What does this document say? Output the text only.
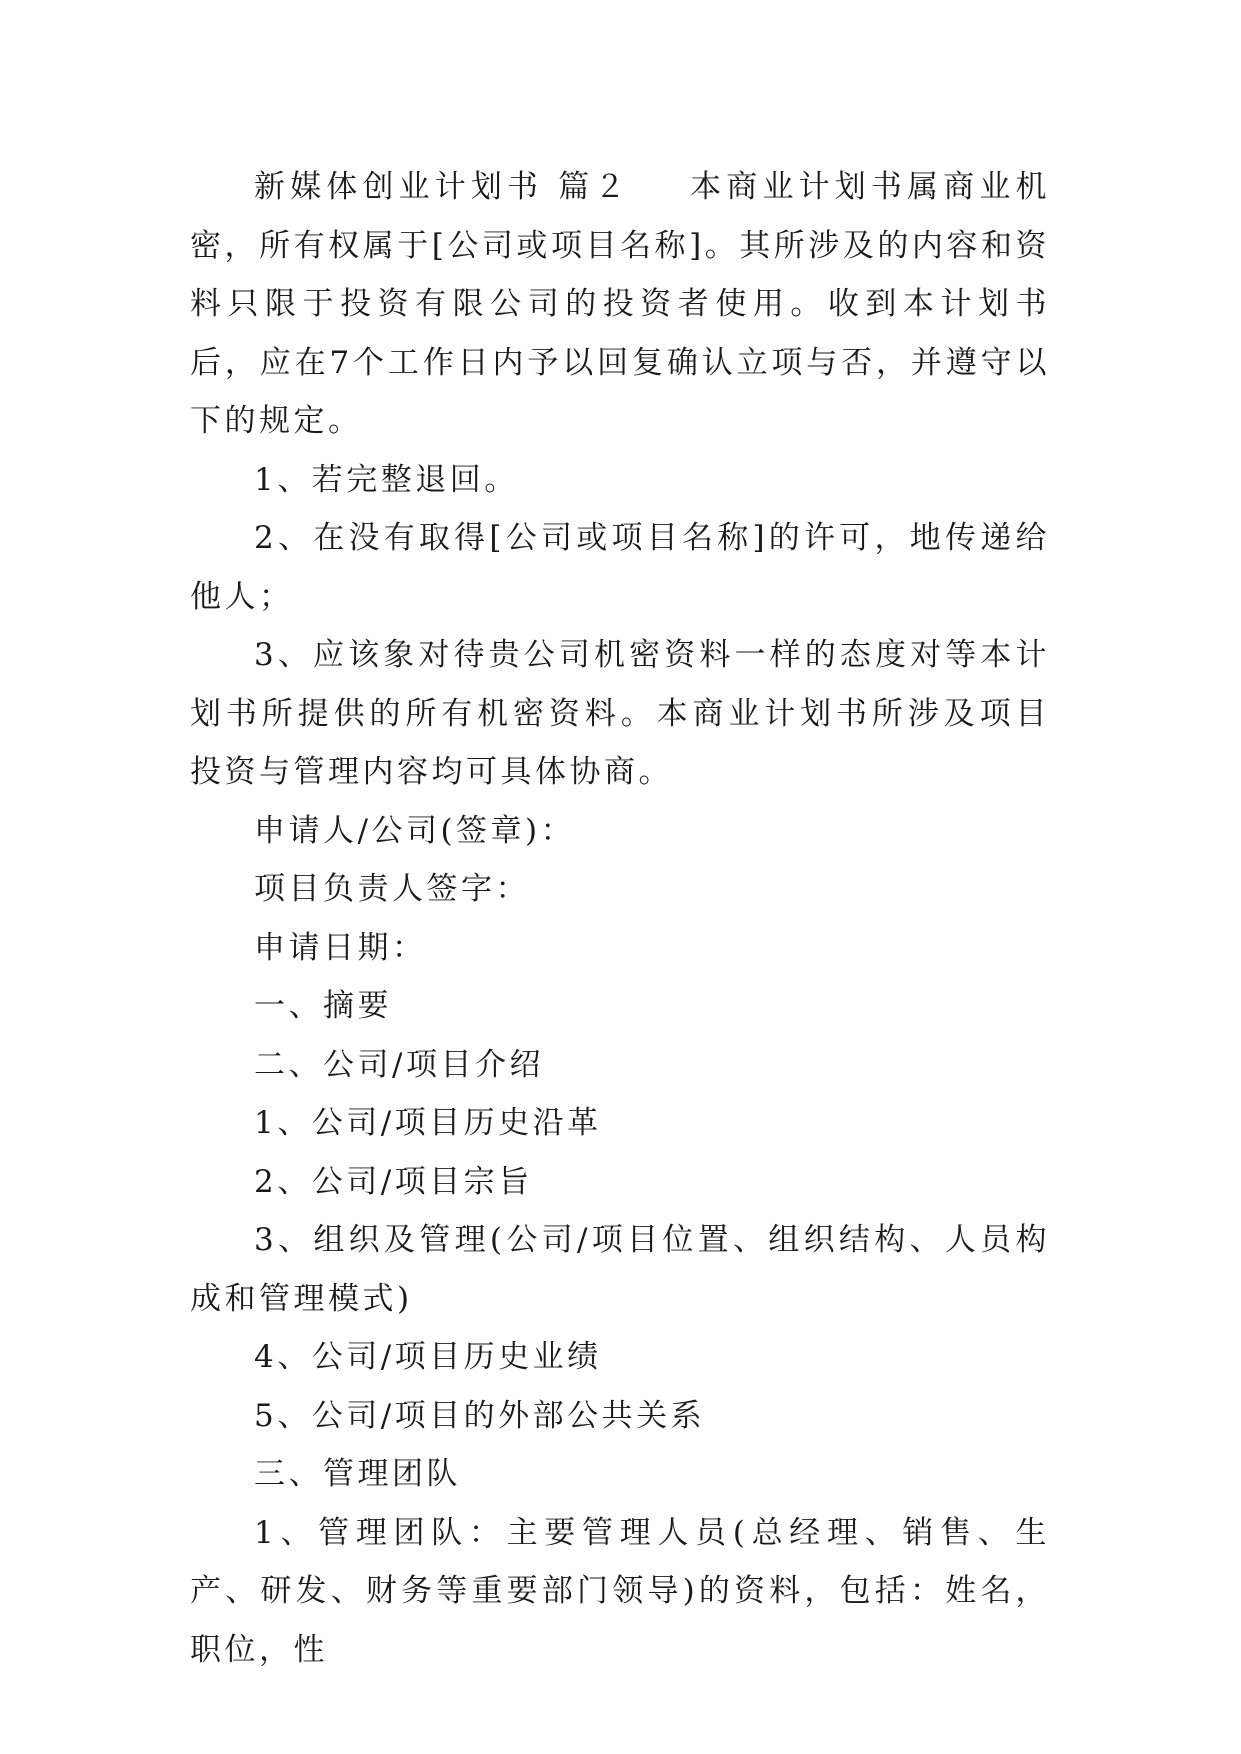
新媒体创业计划书 篇２ 本商业计划书属商业机密，所有权属于[公司或项目名称]。其所涉及的内容和资料只限于投资有限公司的投资者使用。收到本计划书后，应在7个工作日内予以回复确认立项与否，并遵守以下的规定。

1、若完整退回。

2、在没有取得[公司或项目名称]的许可，地传递给他人；

3、应该象对待贵公司机密资料一样的态度对等本计划书所提供的所有机密资料。本商业计划书所涉及项目投资与管理内容均可具体协商。

申请人/公司(签章)：

项目负责人签字：

申请日期：

一、摘要

二、公司/项目介绍

1、公司/项目历史沿革

2、公司/项目宗旨

3、组织及管理(公司/项目位置、组织结构、人员构成和管理模式)

4、公司/项目历史业绩

5、公司/项目的外部公共关系

三、管理团队

1、管理团队：主要管理人员(总经理、销售、生产、研发、财务等重要部门领导)的资料，包括：姓名，职位，性
